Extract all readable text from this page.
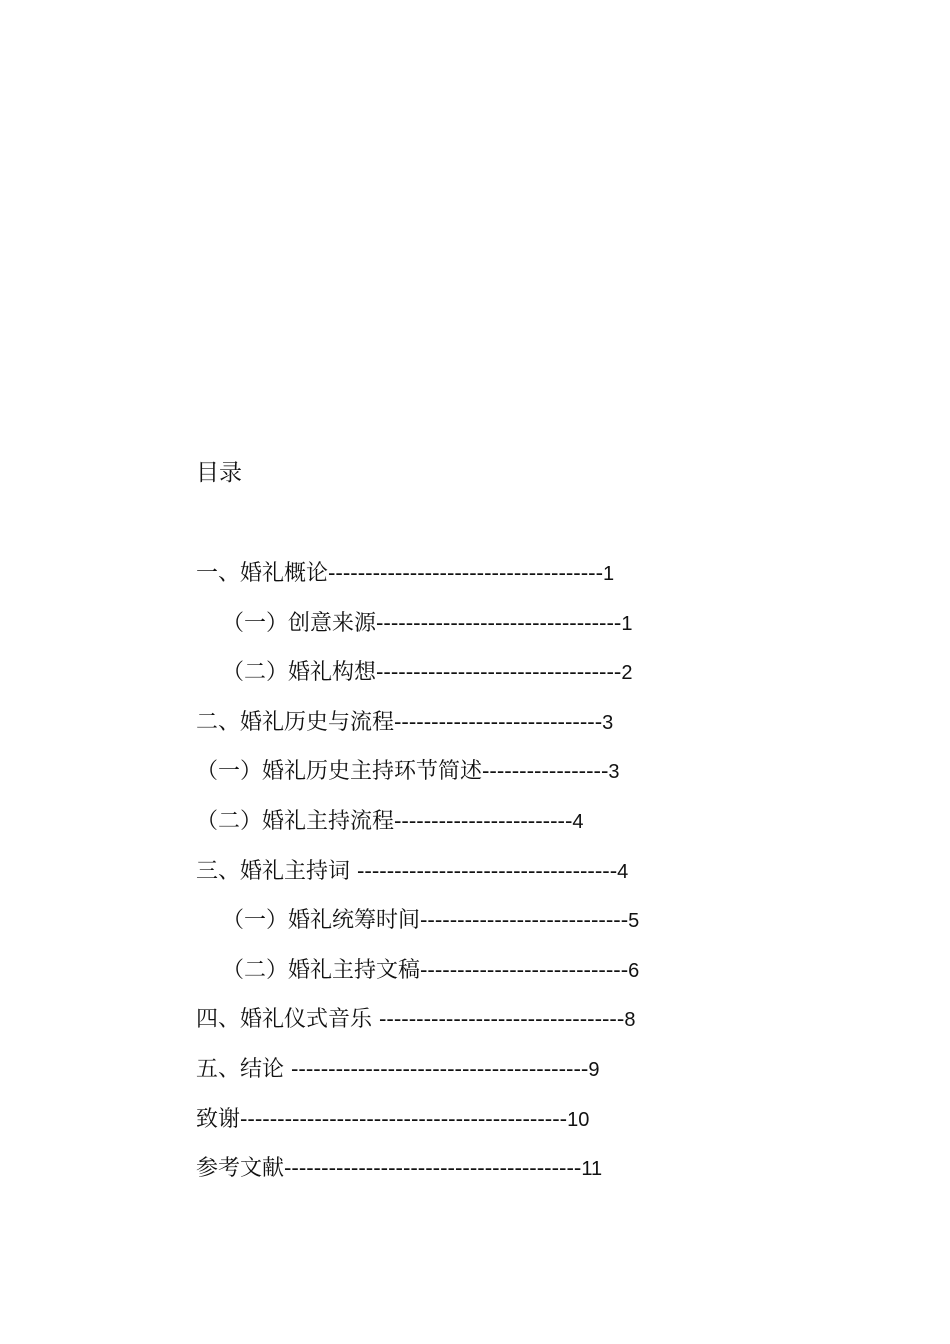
目录
一、婚礼概论-------------------------------------1
（一）创意来源---------------------------------1
（二）婚礼构想---------------------------------2
二、婚礼历史与流程----------------------------3
（一）婚礼历史主持环节简述-----------------3
（二）婚礼主持流程------------------------4
三、婚礼主持词 -----------------------------------4
（一）婚礼统筹时间----------------------------5
（二）婚礼主持文稿----------------------------6
四、婚礼仪式音乐 ---------------------------------8
五、结论 ----------------------------------------9
致谢--------------------------------------------10
参考文献----------------------------------------11
